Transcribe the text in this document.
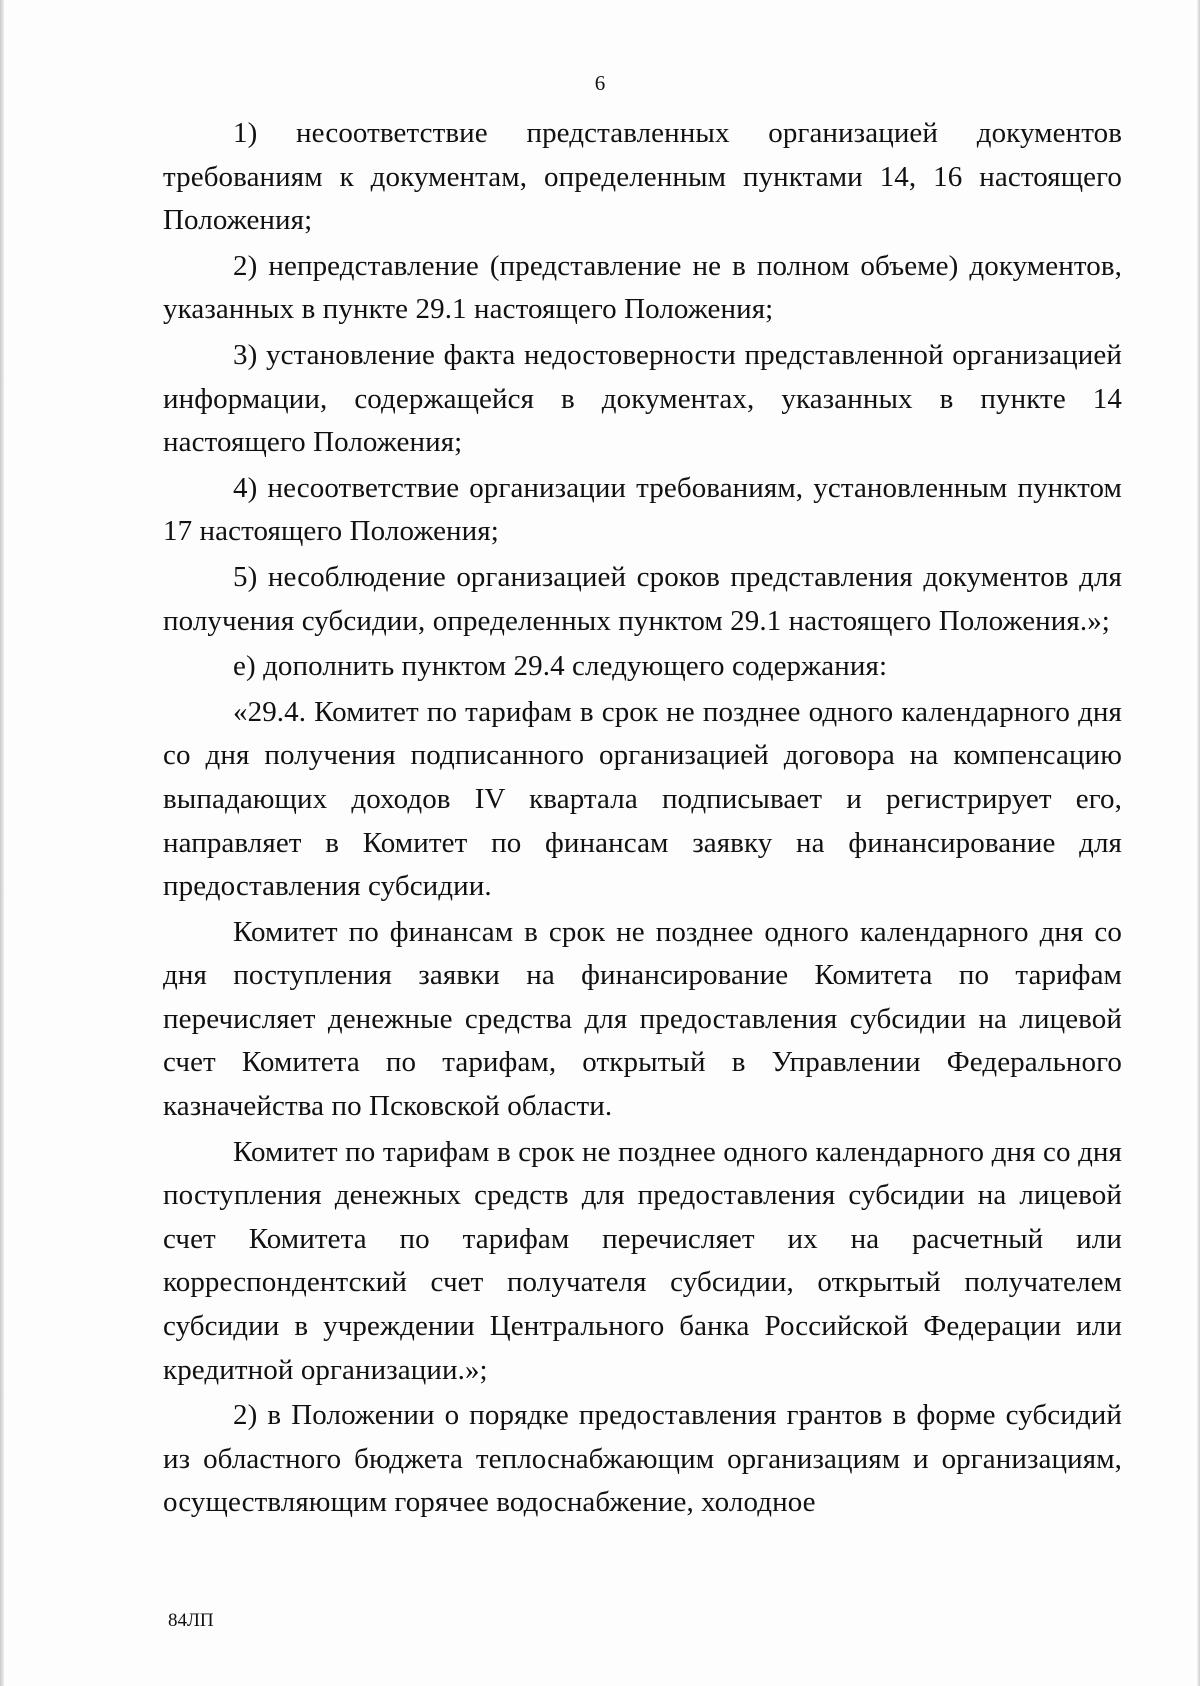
6

1) несоответствие представленных организацией документов требованиям к документам, определенным пунктами 14, 16 настоящего Положения;

2) непредставление (представление не в полном объеме) документов, указанных в пункте 29.1 настоящего Положения;

3) установление факта недостоверности представленной организацией информации, содержащейся в документах, указанных в пункте 14 настоящего Положения;

4) несоответствие организации требованиям, установленным пунктом 17 настоящего Положения;

5) несоблюдение организацией сроков представления документов для получения субсидии, определенных пунктом 29.1 настоящего Положения.»;

е) дополнить пунктом 29.4 следующего содержания:

«29.4. Комитет по тарифам в срок не позднее одного календарного дня со дня получения подписанного организацией договора на компенсацию выпадающих доходов IV квартала подписывает и регистрирует его, направляет в Комитет по финансам заявку на финансирование для предоставления субсидии.

Комитет по финансам в срок не позднее одного календарного дня со дня поступления заявки на финансирование Комитета по тарифам перечисляет денежные средства для предоставления субсидии на лицевой счет Комитета по тарифам, открытый в Управлении Федерального казначейства по Псковской области.

Комитет по тарифам в срок не позднее одного календарного дня со дня поступления денежных средств для предоставления субсидии на лицевой счет Комитета по тарифам перечисляет их на расчетный или корреспондентский счет получателя субсидии, открытый получателем субсидии в учреждении Центрального банка Российской Федерации или кредитной организации.»;

2) в Положении о порядке предоставления грантов в форме субсидий из областного бюджета теплоснабжающим организациям и организациям, осуществляющим горячее водоснабжение, холодное

84ЛП
